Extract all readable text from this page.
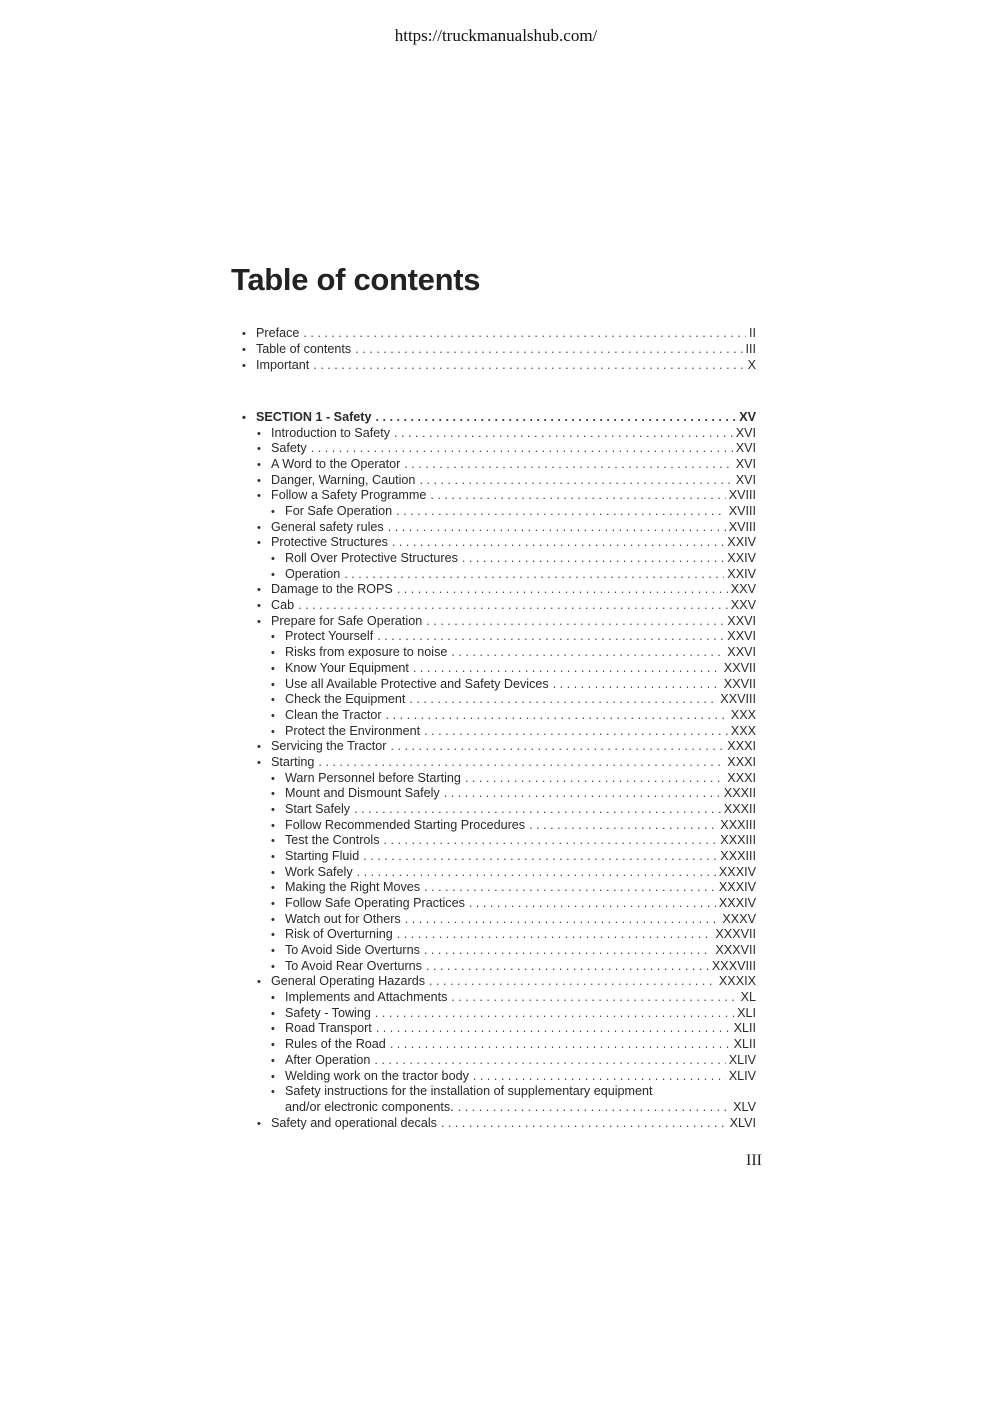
https://truckmanualshub.com/
Table of contents
• Preface . . .	II
• Table of contents . . .	III
• Important . . .	X
• SECTION 1 - Safety . . .	XV
• Introduction to Safety . . .	XVI
• Safety . . .	XVI
• A Word to the Operator . . .	XVI
• Danger, Warning, Caution . . .	XVI
• Follow a Safety Programme . . .	XVIII
• For Safe Operation . . .	XVIII
• General safety rules . . .	XVIII
• Protective Structures . . .	XXIV
• Roll Over Protective Structures . . .	XXIV
• Operation . . .	XXIV
• Damage to the ROPS . . .	XXV
• Cab . . .	XXV
• Prepare for Safe Operation . . .	XXVI
• Protect Yourself . . .	XXVI
• Risks from exposure to noise . . .	XXVI
• Know Your Equipment . . .	XXVII
• Use all Available Protective and Safety Devices . . .	XXVII
• Check the Equipment . . .	XXVIII
• Clean the Tractor . . .	XXX
• Protect the Environment . . .	XXX
• Servicing the Tractor . . .	XXXI
• Starting . . .	XXXI
• Warn Personnel before Starting . . .	XXXI
• Mount and Dismount Safely . . .	XXXII
• Start Safely . . .	XXXII
• Follow Recommended Starting Procedures . . .	XXXIII
• Test the Controls . . .	XXXIII
• Starting Fluid . . .	XXXIII
• Work Safely . . .	XXXIV
• Making the Right Moves . . .	XXXIV
• Follow Safe Operating Practices . . .	XXXIV
• Watch out for Others . . .	XXXV
• Risk of Overturning . . .	XXXVII
• To Avoid Side Overturns . . .	XXXVII
• To Avoid Rear Overturns . . .	XXXVIII
• General Operating Hazards . . .	XXXIX
• Implements and Attachments . . .	XL
• Safety - Towing . . .	XLI
• Road Transport . . .	XLII
• Rules of the Road . . .	XLII
• After Operation . . .	XLIV
• Welding work on the tractor body . . .	XLIV
• Safety instructions for the installation of supplementary equipment
and/or electronic components. . . .	XLV
• Safety and operational decals . . .	XLVI
III
